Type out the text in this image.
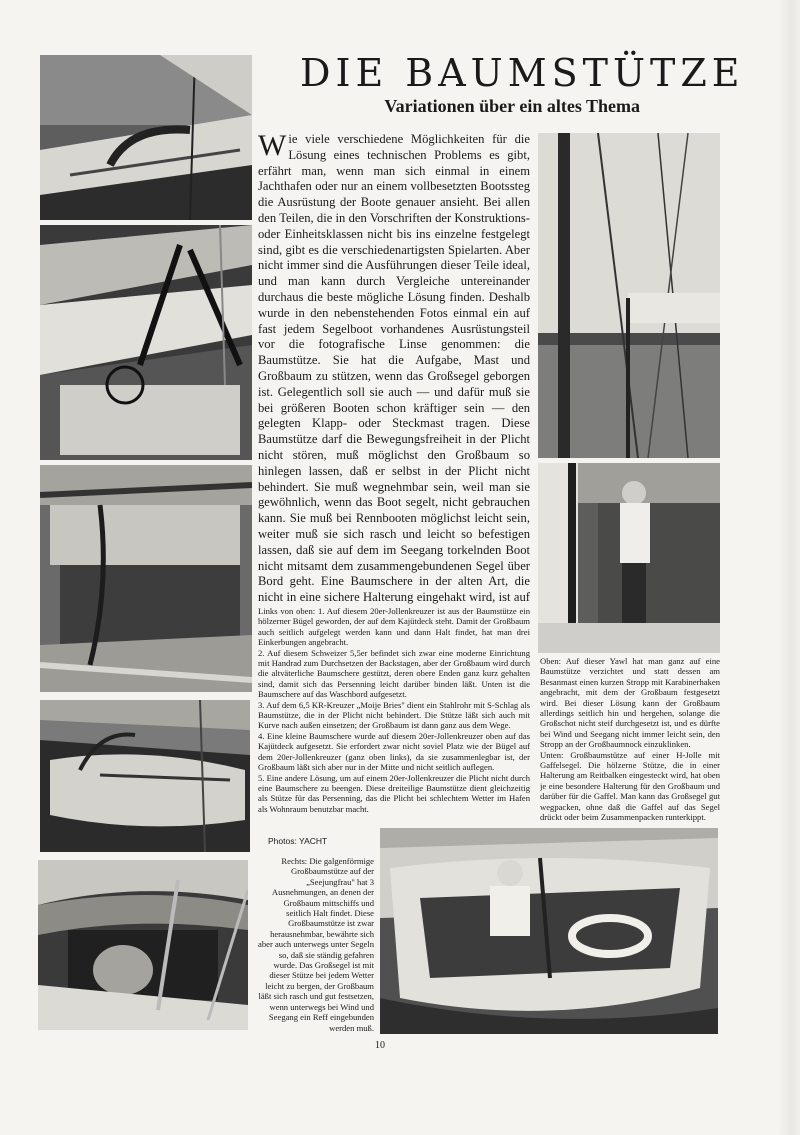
DIE BAUMSTÜTZE
Variationen über ein altes Thema
Wie viele verschiedene Möglichkeiten für die Lösung eines technischen Problems es gibt, erfährt man, wenn man sich einmal in einem Jachthafen oder nur an einem vollbesetzten Bootssteg die Ausrüstung der Boote genauer ansieht. Bei allen den Teilen, die in den Vorschriften der Konstruktions- oder Einheitsklassen nicht bis ins einzelne festgelegt sind, gibt es die verschiedenartigsten Spielarten. Aber nicht immer sind die Ausführungen dieser Teile ideal, und man kann durch Vergleiche untereinander durchaus die beste mögliche Lösung finden. Deshalb wurde in den nebenstehenden Fotos einmal ein auf fast jedem Segelboot vorhandenes Ausrüstungsteil vor die fotografische Linse genommen: die Baumstütze. Sie hat die Aufgabe, Mast und Großbaum zu stützen, wenn das Großsegel geborgen ist. Gelegentlich soll sie auch — und dafür muß sie bei größeren Booten schon kräftiger sein — den gelegten Klapp- oder Steckmast tragen. Diese Baumstütze darf die Bewegungsfreiheit in der Plicht nicht stören, muß möglichst den Großbaum so hinlegen lassen, daß er selbst in der Plicht nicht behindert. Sie muß wegnehmbar sein, weil man sie gewöhnlich, wenn das Boot segelt, nicht gebrauchen kann. Sie muß bei Rennbooten möglichst leicht sein, weiter muß sie sich rasch und leicht so befestigen lassen, daß sie auf dem im Seegang torkelnden Boot nicht mitsamt dem zusammengebundenen Segel über Bord geht. Eine Baumschere in der alten Art, die nicht in eine sichere Halterung eingehakt wird, ist auf

Links von oben: 1. Auf diesem 20er-Jollenkreuzer ist aus der Baumstütze ein hölzerner Bügel geworden, der auf dem Kajütdeck steht. Damit der Großbaum auch seitlich aufgelegt werden kann und dann Halt findet, hat man drei Einkerbungen angebracht.

2. Auf diesem Schweizer 5,5er befindet sich zwar eine moderne Einrichtung mit Handrad zum Durchsetzen der Backstagen, aber der Großbaum wird durch die altväterliche Baumschere gestützt, deren obere Enden ganz kurz gehalten sind, damit sich das Persenning leicht darüber binden läßt. Unten ist die Baumschere auf das Waschbord aufgesetzt.

3. Auf dem 6,5 KR-Kreuzer „Moije Bries" dient ein Stahlrohr mit S-Schlag als Baumstütze, die in der Plicht nicht behindert. Die Stütze läßt sich auch mit Kurve nach außen einsetzen; der Großbaum ist dann ganz aus dem Wege.

4. Eine kleine Baumschere wurde auf diesem 20er-Jollenkreuzer oben auf das Kajütdeck aufgesetzt. Sie erfordert zwar nicht soviel Platz wie der Bügel auf dem 20er-Jollenkreuzer (ganz oben links), da sie zusammenlegbar ist, der Großbaum läßt sich aber nur in der Mitte und nicht seitlich auflegen.

5. Eine andere Lösung, um auf einem 20er-Jollenkreuzer die Plicht nicht durch eine Baumschere zu beengen. Diese dreiteilige Baumstütze dient gleichzeitig als Stütze für das Persenning, das die Plicht bei schlechtem Wetter im Hafen als Wohnraum benutzbar macht.

Oben: Auf dieser Yawl hat man ganz auf eine Baumstütze verzichtet und statt dessen am Besanmast einen kurzen Stropp mit Karabinerhaken angebracht, mit dem der Großbaum festgesetzt wird. Bei dieser Lösung kann der Großbaum allerdings seitlich hin und hergehen, solange die Großschot nicht steif durchgesetzt ist, und es dürfte bei Wind und Seegang nicht immer leicht sein, den Stropp an der Großbaumnock einzuklinken.

Unten: Großbaumstütze auf einer H-Jolle mit Gaffelsegel. Die hölzerne Stütze, die in einer Halterung am Reitbalken eingesteckt wird, hat oben je eine besondere Halterung für den Großbaum und darüber für die Gaffel. Man kann das Großsegel gut wegpacken, ohne daß die Gaffel auf das Segel drückt oder beim Zusammenpacken runterkippt.

Photos: YACHT
Rechts: Die galgenförmige Großbaumstütze auf der „Seejungfrau" hat 3 Ausnehmungen, an denen der Großbaum mittschiffs und seitlich Halt findet. Diese Großbaumstütze ist zwar herausnehmbar, bewährte sich aber auch unterwegs unter Segeln so, daß sie ständig gefahren wurde. Das Großsegel ist mit dieser Stütze bei jedem Wetter leicht zu bergen, der Großbaum läßt sich rasch und gut festsetzen, wenn unterwegs bei Wind und Seegang ein Reff eingebunden werden muß.
10
